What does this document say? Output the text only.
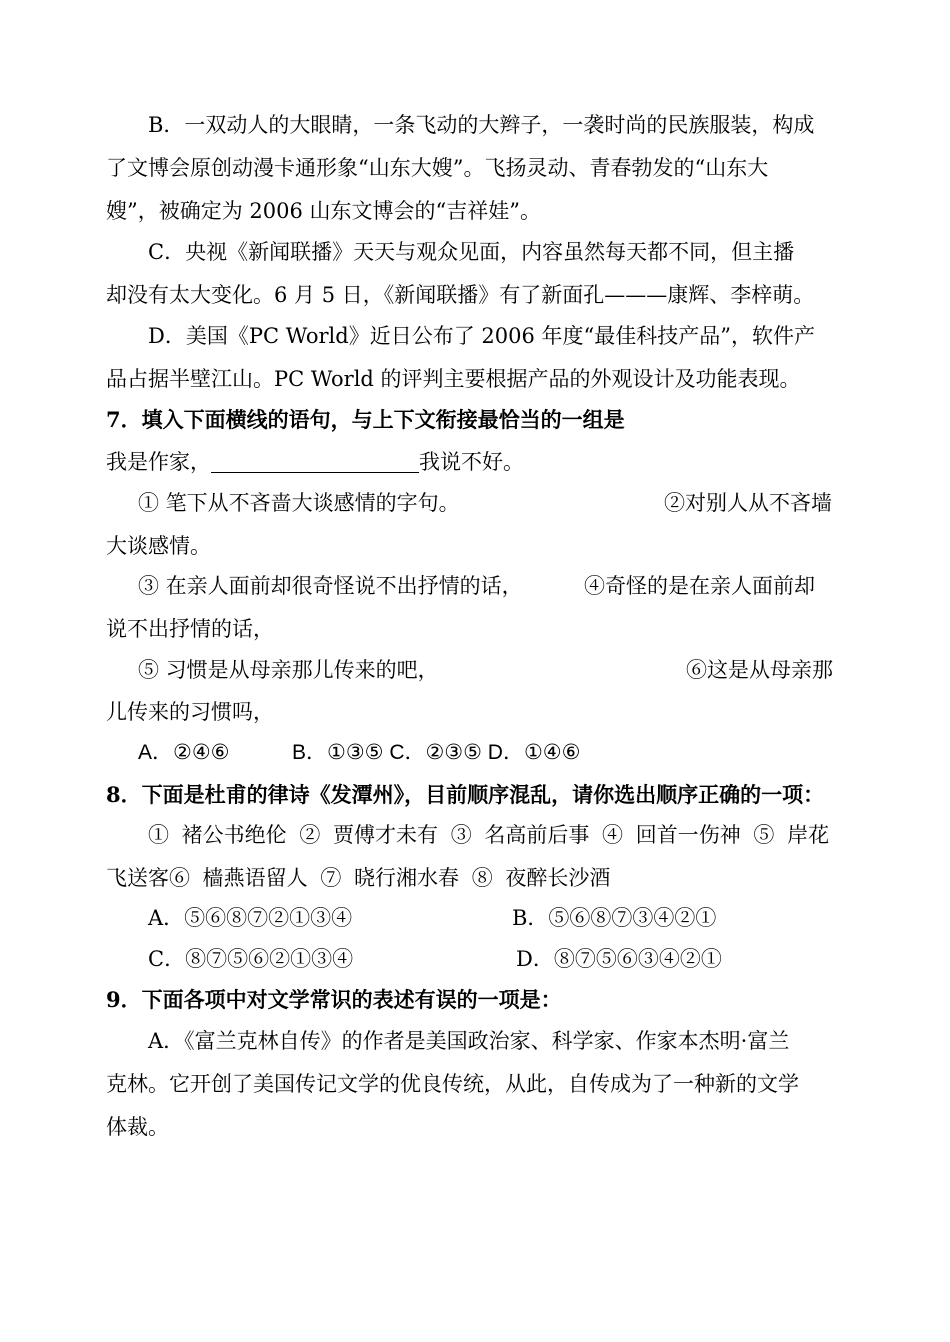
B．一双动人的大眼睛，一条飞动的大辫子，一袭时尚的民族服装，构成
了文博会原创动漫卡通形象“山东大嫂”。飞扬灵动、青春勃发的“山东大
嫂”，被确定为 2006 山东文博会的“吉祥娃”。
C．央视《新闻联播》天天与观众见面，内容虽然每天都不同，但主播
却没有太大变化。6 月 5 日，《新闻联播》有了新面孔———康辉、李梓萌。
D．美国《PC World》近日公布了 2006 年度“最佳科技产品”，软件产
品占据半壁江山。PC World 的评判主要根据产品的外观设计及功能表现。
7．填入下面横线的语句，与上下文衔接最恰当的一组是
我是作家，	我说不好。
① 笔下从不吝啬大谈感情的字句。	②对别人从不吝墙
大谈感情。
③ 在亲人面前却很奇怪说不出抒情的话，	④奇怪的是在亲人面前却
说不出抒情的话，
⑤ 习惯是从母亲那儿传来的吧，	⑥这是从母亲那
儿传来的习惯吗，
A．②④⑥	B．①③⑤ C．②③⑤ D．①④⑥
8．下面是杜甫的律诗《发潭州》，目前顺序混乱，请你选出顺序正确的一项：
① 褚公书绝伦 ② 贾傅才未有 ③ 名高前后事 ④ 回首一伤神 ⑤ 岸花
飞送客⑥ 樯燕语留人 ⑦ 晓行湘水春 ⑧ 夜醉长沙酒
A．⑤⑥⑧⑦②①③④	B．⑤⑥⑧⑦③④②①
C．⑧⑦⑤⑥②①③④	D．⑧⑦⑤⑥③④②①
9．下面各项中对文学常识的表述有误的一项是：
A．《富兰克林自传》的作者是美国政治家、科学家、作家本杰明·富兰
克林。它开创了美国传记文学的优良传统，从此，自传成为了一种新的文学
体裁。
